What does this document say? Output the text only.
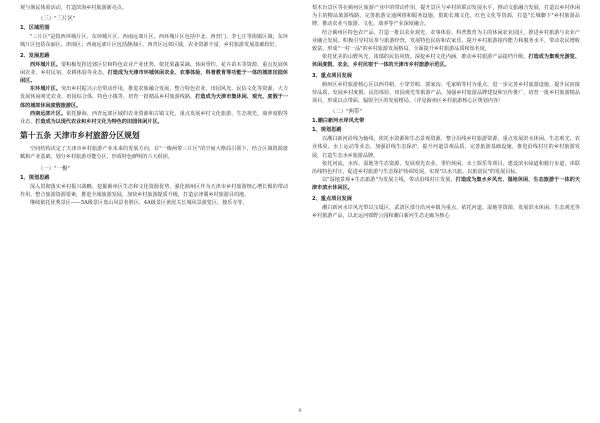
观与渔民体验活动，打造滨海乡村旅游新亮点。

（三）"三片区"
1、区域范围

"三片区"是指西环城片区、东环城片区、西南远郊片区。西环城片区包括中北、西营门、李七庄等街镇区域；东环城片区包括东丽区、津南区；西南远郊片区包括静海区、西青区远郊区域，农业资源丰富，乡村旅游发展基础较好。

2、发展思路

西环城片区。要积极发挥近郊区位和特色农业产业优势，依托果蔬采摘、休闲垂钓、花卉苗木等资源，重点发展休闲农业、乡村民宿、农耕体验等业态。打造成为天津市环城休闲农业、农事体验、科普教育等功能于一体的城郊田园休闲区。

东环城片区。突出乡村振兴示范带动作用，推进农旅融合发展，整合特色农业、田园风光、民俗文化等资源，大力发展休闲观光农业、田园综合体、特色小镇等，培育一批精品乡村旅游线路，打造成为天津市集休闲、观光、度假于一体的城郊休闲度假旅游区。

西南远郊片区。依托静海、西青远郊区域的农业资源和古镇文化，重点发展乡村文化旅游、生态观光、康养度假等业态，打造成为以现代农业和乡村文化为特色的田园休闲片区。

第十五条 天津市乡村旅游分区规划

空间结构决定了天津市乡村旅游产业未来的发展方向，在"一极两带三片区"的空间大格局引领下，结合区域资源禀赋和产业基础，划分乡村旅游功能分区，形成特色鲜明的六大组团。

（一）"一极"
1、规划思路

深入贯彻落实乡村振兴战略，挖掘蓟州区生态和文化资源优势，强化蓟州区作为天津市乡村旅游核心增长极的带动作用，整合旅游资源要素，推进全域旅游发展，加快乡村旅游提质升级，打造京津冀乡村旅游目的地。

继续依托优秀景区——5A级景区盘山风景名胜区、4A级景区黄崖关长城风景游览区、独乐寺等，

梨木台景区等在蓟州区旅游产业中的带动作用，提升景区与乡村的联动发展水平，推动文旅融合发展，打造以乡村休闲为主的精品旅游线路，完善旅游交通网络和服务设施，借助长城文化、红色文化等资源，打造"长城脚下"乡村旅游品牌，推动农业与旅游、文化、康养等产业深度融合。

结合蓟州区特色农产品，打造一批以农业观光、农事体验、科普教育为主的休闲农业园区，推进乡村旅游与农业产业融合发展。积极引导村民参与旅游经营，发展特色民宿和农家乐，提升乡村旅游接待能力和服务水平，带动农民增收致富，形成"一村一品"的乡村旅游发展格局，全面提升乡村旅游品质和知名度。

依托优美的山野风光、浓郁的民俗风情，深挖乡村文化内涵，推动乡村旅游产品提档升级，打造成为集观光游览、休闲度假、农业、乡村民宿于一体的天津市乡村旅游示范区。

3、重点项目发展

蓟州区乡村旅游核心区以西井峪、小穿芳峪、郭家沟、毛家峪等村为重点，进一步完善乡村旅游设施，提升民宿接待品质，发展乡村度假、民俗体验、田园观光等旅游产品。加强乡村旅游品牌建设和宣传推广，培育一批乡村旅游精品项目，形成以点带面、辐射全区的发展格局。（详见蓟州区乡村旅游核心区规划内容）

（二）"两带"
1.潮白新河水岸风光带
1、规划思路

以潮白新河沿线为轴线，依托水资源和生态景观资源，整合沿线乡村旅游资源，重点发展滨水休闲、生态观光、农业体验、水上运动等业态，加强沿线生态保护，提升河道景观品质，完善旅游基础设施，推进沿线村庄的乡村旅游发展，打造生态水乡旅游品牌。

依托河流、水库、湿地等生态资源，发展观光农业、垂钓休闲、水上娱乐等项目，建设滨水绿道和骑行步道，串联沿线特色村庄，促进乡村旅游与生态保护协调发展，实现"以水兴旅、以旅富民"的发展目标。

以"湿地景观+生态旅游"为发展主线，带动沿线村庄发展，打造成为集水乡风光、湿地休闲、生态旅游于一体的天津市滨水休闲区。

2、重点项目发展

潮白新河水岸风光带以宝坻区、武清区部分沿河乡镇为重点，依托河道、湿地等资源，发展滨水休闲、生态观光等乡村旅游产品，以北运河郊野公园和潮白新河生态走廊为核心

9
